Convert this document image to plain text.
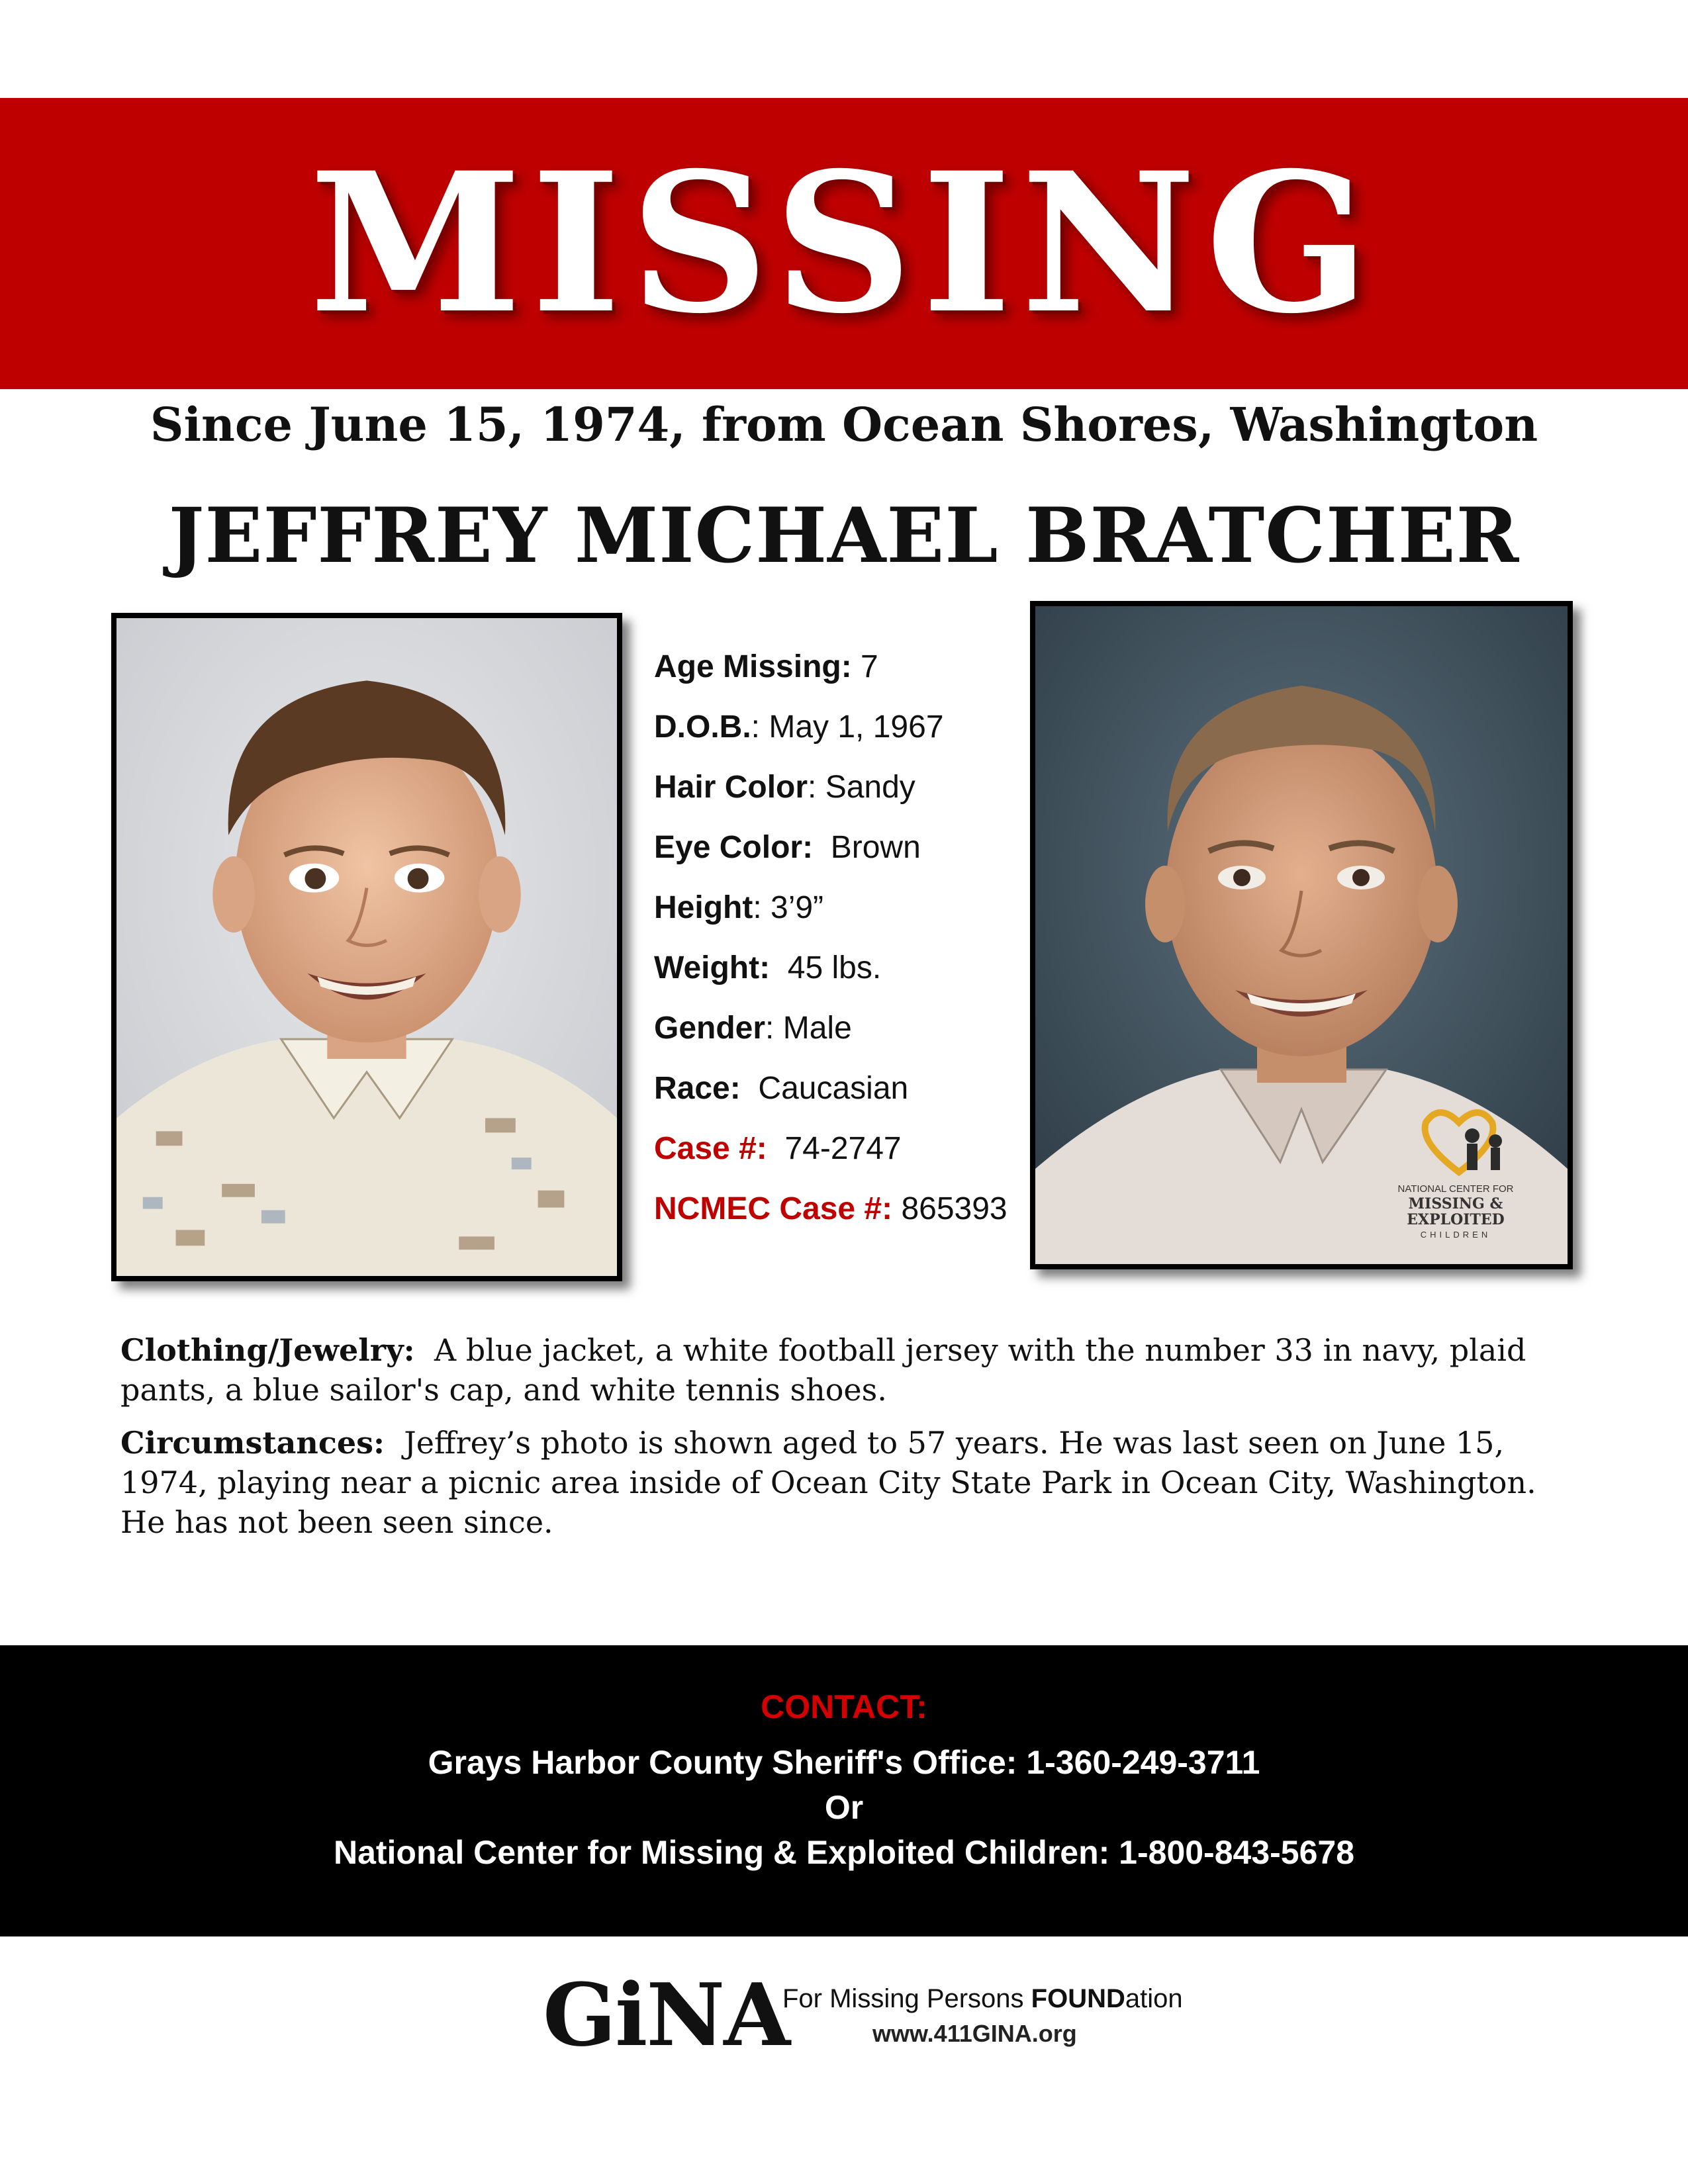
MISSING
Since June 15, 1974, from Ocean Shores, Washington
JEFFREY MICHAEL BRATCHER
Age Missing: 7
D.O.B.: May 1, 1967
Hair Color: Sandy
Eye Color: Brown
Height: 3’9”
Weight: 45 lbs.
Gender: Male
Race: Caucasian
Case #: 74-2747
NCMEC Case #: 865393
NATIONAL CENTER FOR
MISSING &
EXPLOITED
CHILDREN
Clothing/Jewelry: A blue jacket, a white football jersey with the number 33 in navy, plaid pants, a blue sailor's cap, and white tennis shoes.
Circumstances: Jeffrey’s photo is shown aged to 57 years. He was last seen on June 15, 1974, playing near a picnic area inside of Ocean City State Park in Ocean City, Washington. He has not been seen since.
CONTACT:
Grays Harbor County Sheriff's Office: 1-360-249-3711
Or
National Center for Missing & Exploited Children: 1-800-843-5678
GiNA
For Missing Persons FOUNDation
www.411GINA.org
